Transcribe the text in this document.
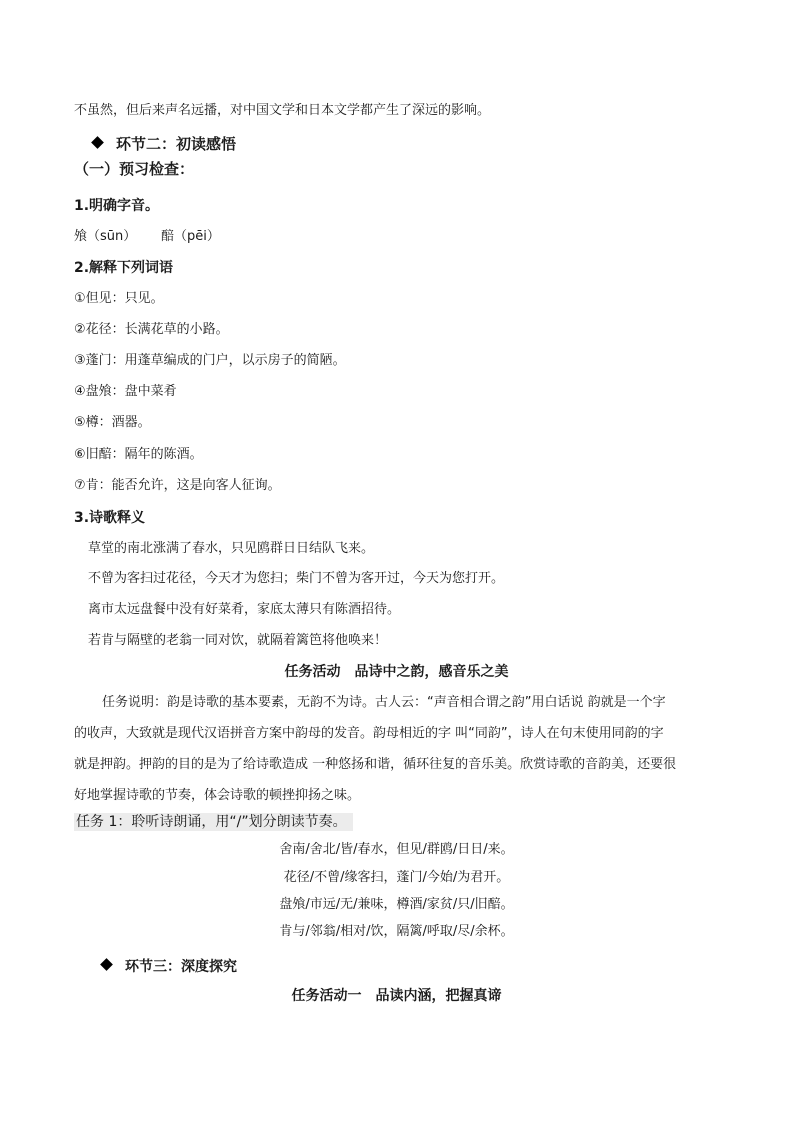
不虽然，但后来声名远播，对中国文学和日本文学都产生了深远的影响。
环节二：初读感悟
（一）预习检查：
1.明确字音。
飧（sūn）      醅（pēi）
2.解释下列词语
①但见：只见。
②花径：长满花草的小路。
③蓬门：用蓬草编成的门户，以示房子的简陋。
④盘飧：盘中菜肴
⑤樽：酒器。
⑥旧醅：隔年的陈酒。
⑦肯：能否允许，这是向客人征询。
3.诗歌释义
草堂的南北涨满了春水，只见鸥群日日结队飞来。
不曾为客扫过花径，今天才为您扫；柴门不曾为客开过，今天为您打开。
离市太远盘餐中没有好菜肴，家底太薄只有陈酒招待。
若肯与隔壁的老翁一同对饮，就隔着篱笆将他唤来！
任务活动　品诗中之韵，感音乐之美
任务说明：韵是诗歌的基本要素，无韵不为诗。古人云：“声音相合谓之韵”用白话说 韵就是一个字
的收声，大致就是现代汉语拼音方案中韵母的发音。韵母相近的字 叫“同韵”，诗人在句末使用同韵的字
就是押韵。押韵的目的是为了给诗歌造成 一种悠扬和谐，循环往复的音乐美。欣赏诗歌的音韵美，还要很
好地掌握诗歌的节奏，体会诗歌的顿挫抑扬之味。
任务 1：聆听诗朗诵，用“/”划分朗读节奏。
舍南/舍北/皆/春水，但见/群鸥/日日/来。
花径/不曾/缘客扫，蓬门/今始/为君开。
盘飧/市远/无/兼味，樽酒/家贫/只/旧醅。
肯与/邻翁/相对/饮，隔篱/呼取/尽/余杯。
环节三：深度探究
任务活动一　品读内涵，把握真谛
